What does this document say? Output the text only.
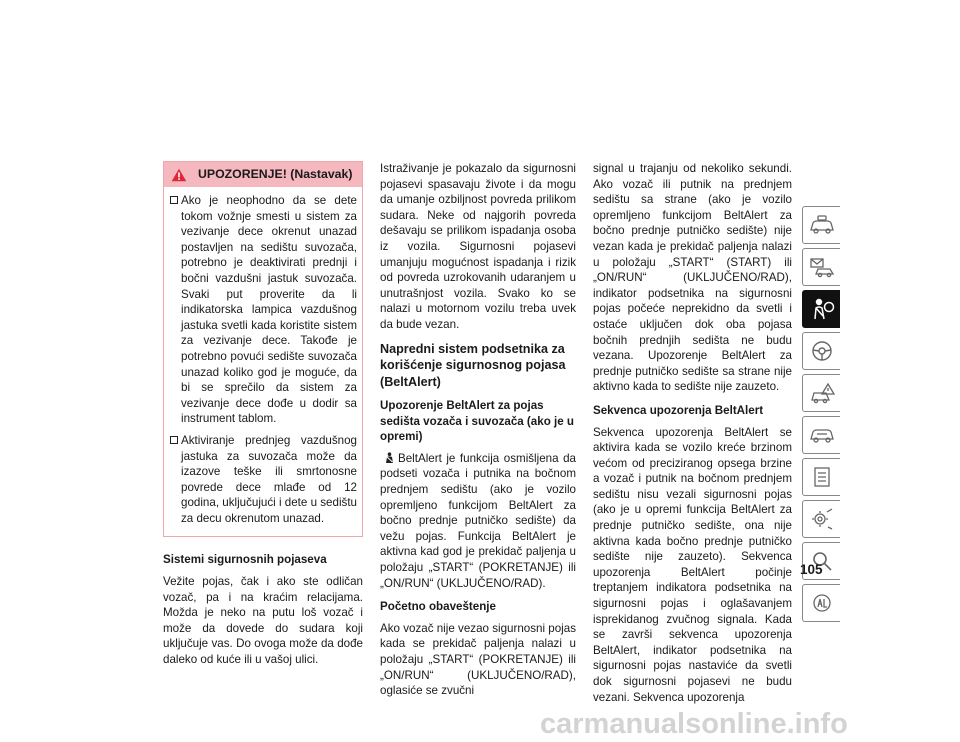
UPOZORENJE! (Nastavak)
Ako je neophodno da se dete tokom vožnje smesti u sistem za vezivanje dece okrenut unazad postavljen na sedištu suvozača, potrebno je deaktivirati prednji i bočni vazdušni jastuk suvozača. Svaki put proverite da li indikatorska lampica vazdušnog jastuka svetli kada koristite sistem za vezivanje dece. Takođe je potrebno povući sedište suvozača unazad koliko god je moguće, da bi se sprečilo da sistem za vezivanje dece dođe u dodir sa instrument tablom.
Aktiviranje prednjeg vazdušnog jastuka za suvozača može da izazove teške ili smrtonosne povrede dece mlađe od 12 godina, uključujući i dete u sedištu za decu okrenutom unazad.
Sistemi sigurnosnih pojaseva

Vežite pojas, čak i ako ste odličan vozač, pa i na kraćim relacijama. Možda je neko na putu loš vozač i može da dovede do sudara koji uključuje vas. Do ovoga može da dođe daleko od kuće ili u vašoj ulici.

Istraživanje je pokazalo da sigurnosni pojasevi spasavaju živote i da mogu da umanje ozbiljnost povreda prilikom sudara. Neke od najgorih povreda dešavaju se prilikom ispadanja osoba iz vozila. Sigurnosni pojasevi umanjuju mogućnost ispadanja i rizik od povreda uzrokovanih udaranjem u unutrašnjost vozila. Svako ko se nalazi u motornom vozilu treba uvek da bude vezan.

Napredni sistem podsetnika za korišćenje sigurnosnog pojasa (BeltAlert)
Upozorenje BeltAlert za pojas sedišta vozača i suvozača (ako je u opremi)

BeltAlert je funkcija osmišljena da podseti vozača i putnika na bočnom prednjem sedištu (ako je vozilo opremljeno funkcijom BeltAlert za bočno prednje putničko sedište) da vežu pojas. Funkcija BeltAlert je aktivna kad god je prekidač paljenja u položaju „START“ (POKRETANJE) ili „ON/RUN“ (UKLJUČENO/RAD).

Početno obaveštenje

Ako vozač nije vezao sigurnosni pojas kada se prekidač paljenja nalazi u položaju „START“ (POKRETANJE) ili „ON/RUN“ (UKLJUČENO/RAD), oglasiće se zvučni

signal u trajanju od nekoliko sekundi. Ako vozač ili putnik na prednjem sedištu sa strane (ako je vozilo opremljeno funkcijom BeltAlert za bočno prednje putničko sedište) nije vezan kada je prekidač paljenja nalazi u položaju „START“ (START) ili „ON/RUN“ (UKLJUČENO/RAD), indikator podsetnika na sigurnosni pojas počeće neprekidno da svetli i ostaće uključen dok oba pojasa bočnih prednjih sedišta ne budu vezana. Upozorenje BeltAlert za prednje putničko sedište sa strane nije aktivno kada to sedište nije zauzeto.

Sekvenca upozorenja BeltAlert

Sekvenca upozorenja BeltAlert se aktivira kada se vozilo kreće brzinom većom od preciziranog opsega brzine a vozač i putnik na bočnom prednjem sedištu nisu vezali sigurnosni pojas (ako je u opremi funkcija BeltAlert za prednje putničko sedište, ona nije aktivna kada bočno prednje putničko sedište nije zauzeto). Sekvenca upozorenja BeltAlert počinje treptanjem indikatora podsetnika na sigurnosni pojas i oglašavanjem isprekidanog zvučnog signala. Kada se završi sekvenca upozorenja BeltAlert, indikator podsetnika na sigurnosni pojas nastaviće da svetli dok sigurnosni pojasevi ne budu vezani. Sekvenca upozorenja

105
carmanualsonline.info
